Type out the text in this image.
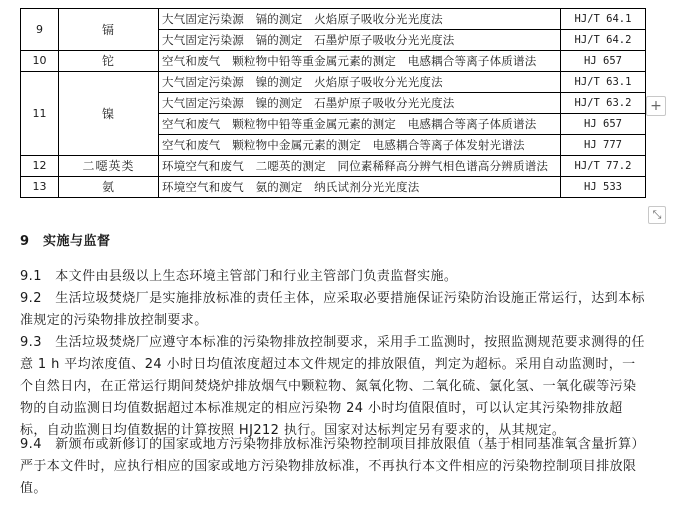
9	镉	大气固定污染源　镉的测定　火焰原子吸收分光光度法	HJ/T 64.1
		大气固定污染源　镉的测定　石墨炉原子吸收分光光度法	HJ/T 64.2
10	铊	空气和废气　颗粒物中铅等重金属元素的测定　电感耦合等离子体质谱法	HJ 657
11	镍	大气固定污染源　镍的测定　火焰原子吸收分光光度法	HJ/T 63.1
		大气固定污染源　镍的测定　石墨炉原子吸收分光光度法	HJ/T 63.2
		空气和废气　颗粒物中铅等重金属元素的测定　电感耦合等离子体质谱法	HJ 657
		空气和废气　颗粒物中金属元素的测定　电感耦合等离子体发射光谱法	HJ 777
12	二噁英类	环境空气和废气　二噁英的测定　同位素稀释高分辨气相色谱高分辨质谱法	HJ/T 77.2
13	氨	环境空气和废气　氨的测定　纳氏试剂分光光度法	HJ 533
+
⤡
9　实施与监督

9.1　本文件由县级以上生态环境主管部门和行业主管部门负责监督实施。

9.2　生活垃圾焚烧厂是实施排放标准的责任主体，应采取必要措施保证污染防治设施正常运行，达到本标准规定的污染物排放控制要求。

9.3　生活垃圾焚烧厂应遵守本标准的污染物排放控制要求，采用手工监测时，按照监测规范要求测得的任意 1 h 平均浓度值、24 小时日均值浓度超过本文件规定的排放限值，判定为超标。采用自动监测时，一个自然日内，在正常运行期间焚烧炉排放烟气中颗粒物、氮氧化物、二氧化硫、氯化氢、一氧化碳等污染物的自动监测日均值数据超过本标准规定的相应污染物 24 小时均值限值时，可以认定其污染物排放超标，自动监测日均值数据的计算按照 HJ212 执行。国家对达标判定另有要求的，从其规定。

9.4　新颁布或新修订的国家或地方污染物排放标准污染物控制项目排放限值（基于相同基准氧含量折算）严于本文件时，应执行相应的国家或地方污染物排放标准，不再执行本文件相应的污染物控制项目排放限值。
